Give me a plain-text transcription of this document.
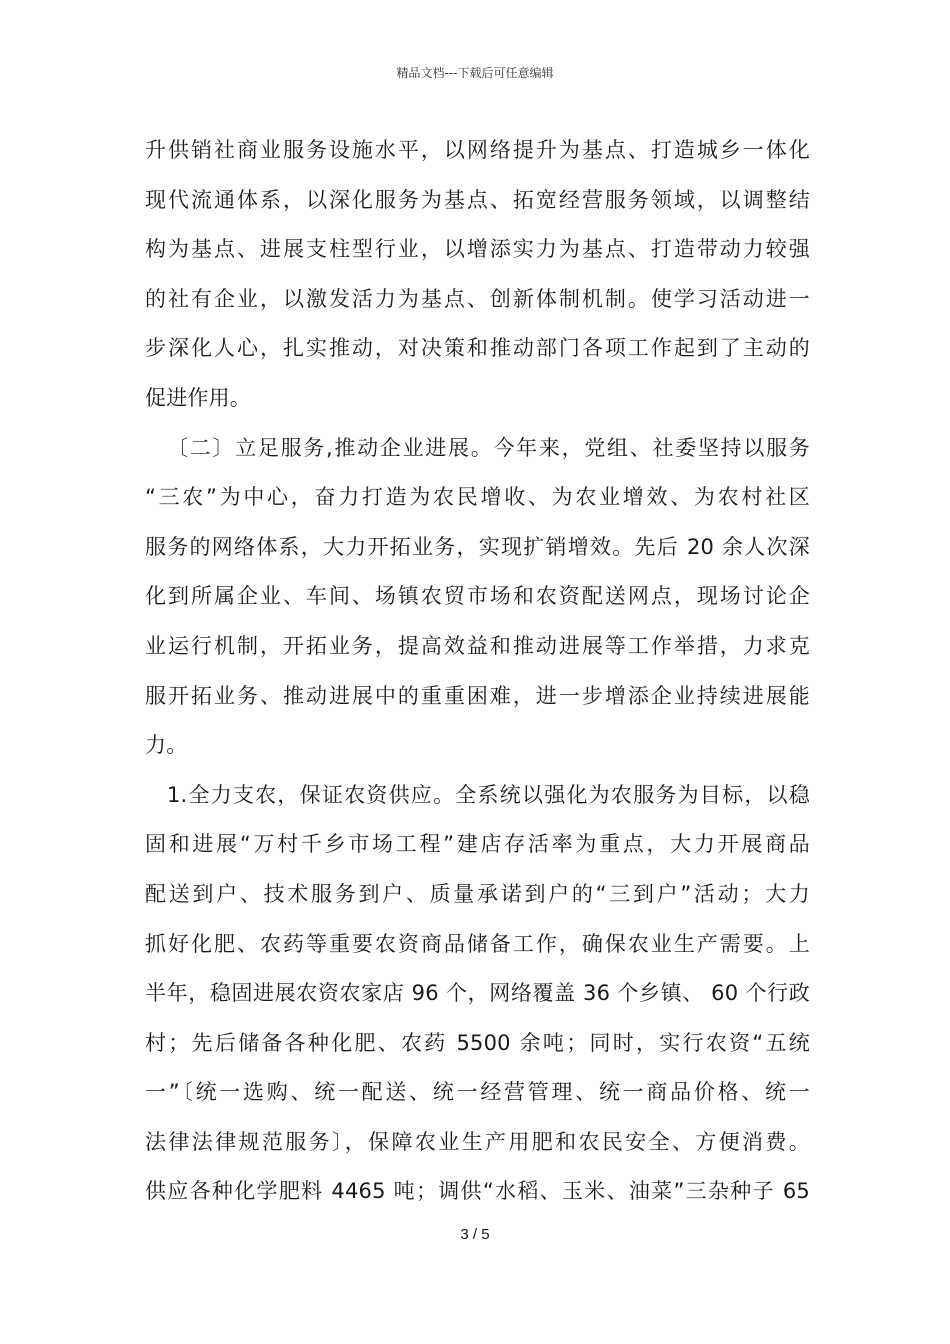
精品文档---下载后可任意编辑
升供销社商业服务设施水平，以网络提升为基点、打造城乡一体化
现代流通体系，以深化服务为基点、拓宽经营服务领域，以调整结
构为基点、进展支柱型行业，以增添实力为基点、打造带动力较强
的社有企业，以激发活力为基点、创新体制机制。使学习活动进一
步深化人心，扎实推动，对决策和推动部门各项工作起到了主动的
促进作用。
〔二〕立足服务,推动企业进展。今年来，党组、社委坚持以服务
“三农”为中心，奋力打造为农民增收、为农业增效、为农村社区
服务的网络体系，大力开拓业务，实现扩销增效。先后 20 余人次深
化到所属企业、车间、场镇农贸市场和农资配送网点，现场讨论企
业运行机制，开拓业务，提高效益和推动进展等工作举措，力求克
服开拓业务、推动进展中的重重困难，进一步增添企业持续进展能
力。
1.全力支农，保证农资供应。全系统以强化为农服务为目标，以稳
固和进展“万村千乡市场工程”建店存活率为重点，大力开展商品
配送到户、技术服务到户、质量承诺到户的“三到户”活动；大力
抓好化肥、农药等重要农资商品储备工作，确保农业生产需要。上
半年，稳固进展农资农家店 96 个，网络覆盖 36 个乡镇、 60 个行政
村；先后储备各种化肥、农药 5500 余吨；同时，实行农资“五统
一”〔统一选购、统一配送、统一经营管理、统一商品价格、统一
法律法律规范服务〕，保障农业生产用肥和农民安全、方便消费。
供应各种化学肥料 4465 吨；调供“水稻、玉米、油菜”三杂种子 65
3 / 5
